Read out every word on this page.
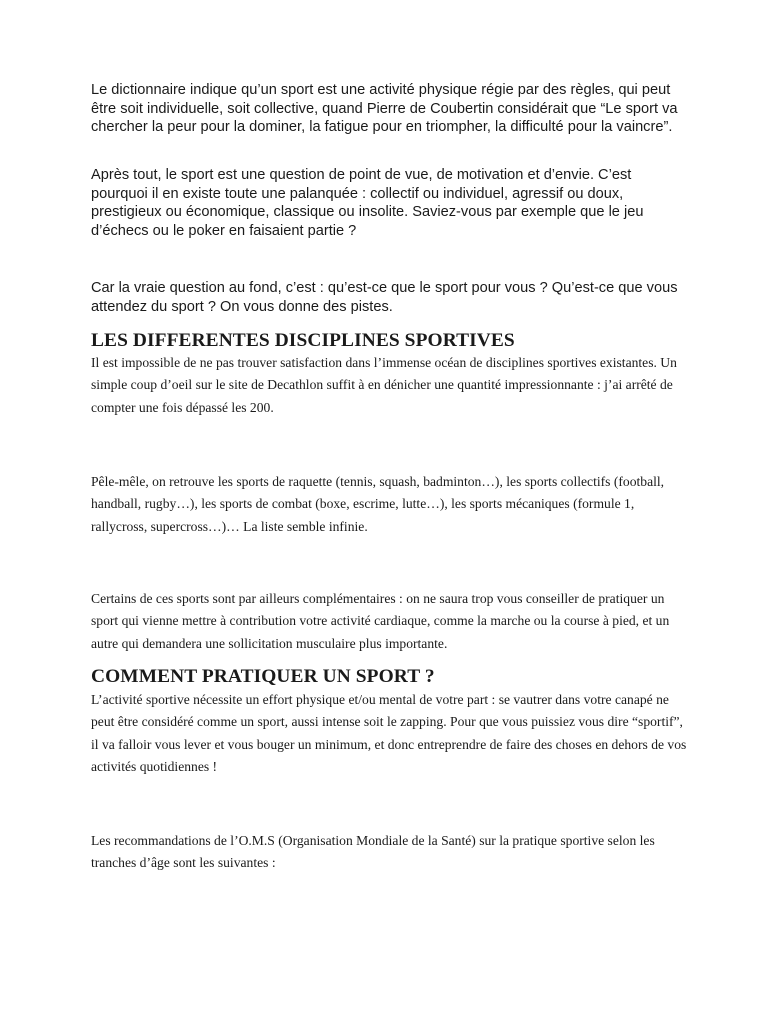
Le dictionnaire indique qu’un sport est une activité physique régie par des règles, qui peut être soit individuelle, soit collective, quand Pierre de Coubertin considérait que “Le sport va chercher la peur pour la dominer, la fatigue pour en triompher, la difficulté pour la vaincre”.

Après tout, le sport est une question de point de vue, de motivation et d’envie. C’est pourquoi il en existe toute une palanquée : collectif ou individuel, agressif ou doux, prestigieux ou économique, classique ou insolite. Saviez-vous par exemple que le jeu d’échecs ou le poker en faisaient partie ?

Car la vraie question au fond, c’est : qu’est-ce que le sport pour vous ? Qu’est-ce que vous attendez du sport ? On vous donne des pistes.

LES DIFFERENTES DISCIPLINES SPORTIVES

Il est impossible de ne pas trouver satisfaction dans l’immense océan de disciplines sportives existantes. Un simple coup d’oeil sur le site de Decathlon suffit à en dénicher une quantité impressionnante : j’ai arrêté de compter une fois dépassé les 200.

Pêle-mêle, on retrouve les sports de raquette (tennis, squash, badminton…), les sports collectifs (football, handball, rugby…), les sports de combat (boxe, escrime, lutte…), les sports mécaniques (formule 1, rallycross, supercross…)… La liste semble infinie.

Certains de ces sports sont par ailleurs complémentaires : on ne saura trop vous conseiller de pratiquer un sport qui vienne mettre à contribution votre activité cardiaque, comme la marche ou la course à pied, et un autre qui demandera une sollicitation musculaire plus importante.

COMMENT PRATIQUER UN SPORT ?

L’activité sportive nécessite un effort physique et/ou mental de votre part : se vautrer dans votre canapé ne peut être considéré comme un sport, aussi intense soit le zapping. Pour que vous puissiez vous dire “sportif”, il va falloir vous lever et vous bouger un minimum, et donc entreprendre de faire des choses en dehors de vos activités quotidiennes !

Les recommandations de l’O.M.S (Organisation Mondiale de la Santé) sur la pratique sportive selon les tranches d’âge sont les suivantes :
